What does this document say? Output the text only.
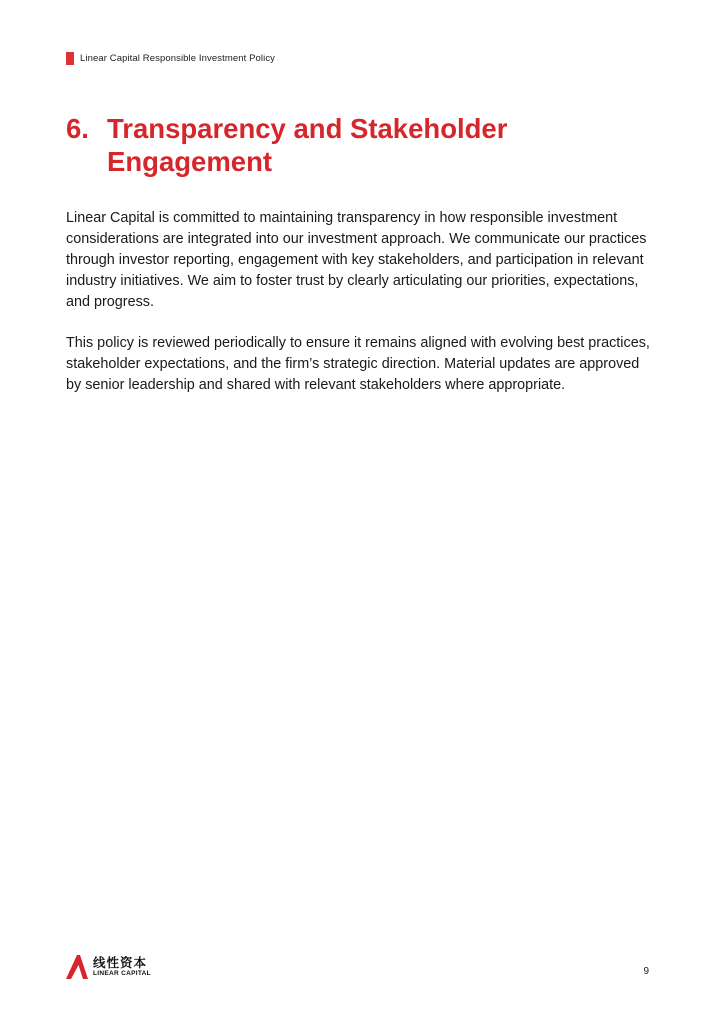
Linear Capital Responsible Investment Policy
6. Transparency and Stakeholder Engagement

Linear Capital is committed to maintaining transparency in how responsible investment considerations are integrated into our investment approach. We communicate our practices through investor reporting, engagement with key stakeholders, and participation in relevant industry initiatives. We aim to foster trust by clearly articulating our priorities, expectations, and progress.

This policy is reviewed periodically to ensure it remains aligned with evolving best practices, stakeholder expectations, and the firm’s strategic direction. Material updates are approved by senior leadership and shared with relevant stakeholders where appropriate.

线性资本
LINEAR CAPITAL	9
